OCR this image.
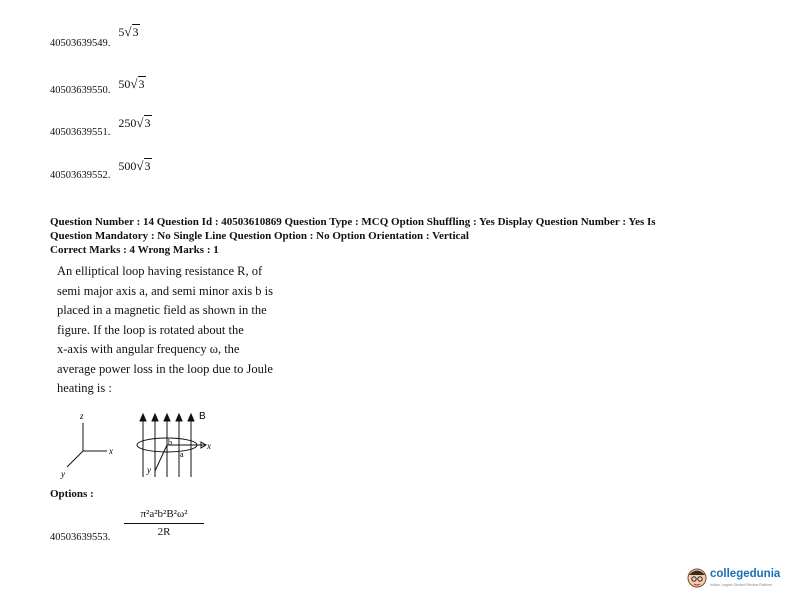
40503639549. 5√3
40503639550. 50√3
40503639551. 250√3
40503639552. 500√3
Question Number : 14 Question Id : 40503610869 Question Type : MCQ Option Shuffling : Yes Display Question Number : Yes Is
Question Mandatory : No Single Line Question Option : No Option Orientation : Vertical
Correct Marks : 4 Wrong Marks : 1
An elliptical loop having resistance R, of
semi major axis a, and semi minor axis b is
placed in a magnetic field as shown in the
figure. If the loop is rotated about the
x-axis with angular frequency ω, the
average power loss in the loop due to Joule
heating is :
z
x
y
B
b
a
x
y
Options :
40503639553.
π²a²b²B²ω²
2R
collegedunia
India's Largest Student Review Platform
